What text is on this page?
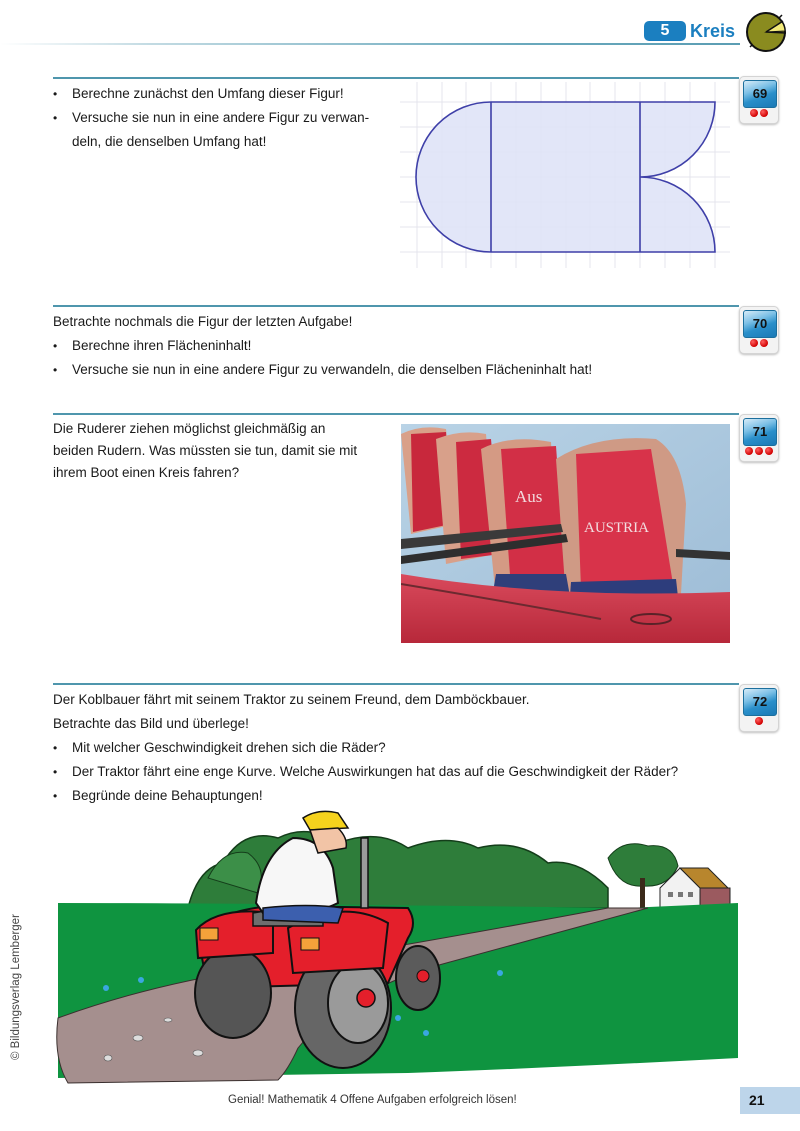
5	Kreis
69
• Berechne zunächst den Umfang dieser Figur!
• Versuche sie nun in eine andere Figur zu verwan-
deln, die denselben Umfang hat!
70

Betrachte nochmals die Figur der letzten Aufgabe!

• Berechne ihren Flächeninhalt!
• Versuche sie nun in eine andere Figur zu verwandeln, die denselben Flächeninhalt hat!
71

Die Ruderer ziehen möglichst gleichmäßig an

beiden Rudern. Was müssten sie tun, damit sie mit

ihrem Boot einen Kreis fahren?

Aus
AUSTRIA
72

Der Koblbauer fährt mit seinem Traktor zu seinem Freund, dem Damböckbauer.

Betrachte das Bild und überlege!

• Mit welcher Geschwindigkeit drehen sich die Räder?
• Der Traktor fährt eine enge Kurve. Welche Auswirkungen hat das auf die Geschwindigkeit der Räder?
• Begründe deine Behauptungen!
© Bildungsverlag Lemberger
Genial! Mathematik 4 Offene Aufgaben erfolgreich lösen!	21
